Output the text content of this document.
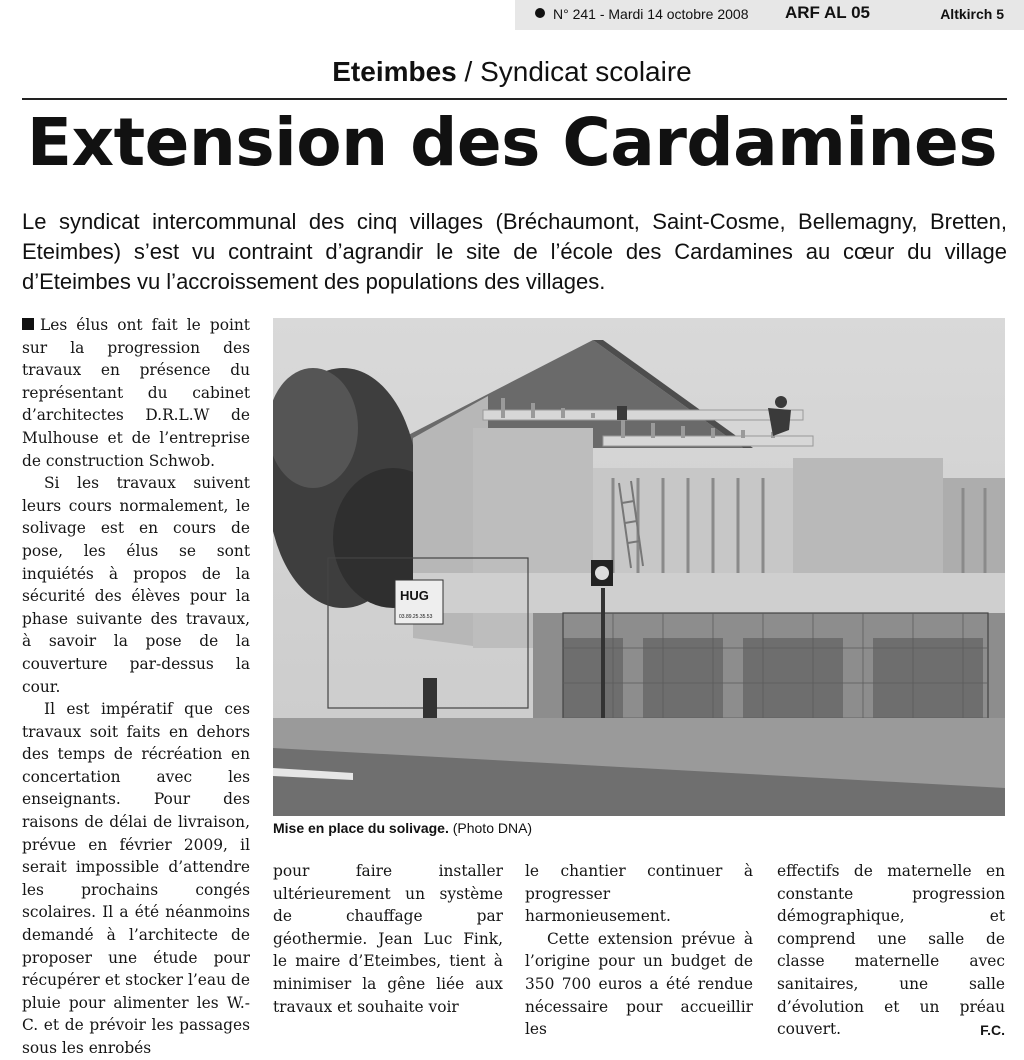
N° 241 - Mardi 14 octobre 2008 ARF AL 05	Altkirch 5
Eteimbes / Syndicat scolaire
Extension des Cardamines
Le syndicat intercommunal des cinq villages (Bréchaumont, Saint-Cosme, Bellemagny, Bretten, Eteimbes) s’est vu contraint d’agrandir le site de l’école des Cardamines au cœur du village d’Eteimbes vu l’accroissement des populations des villages.

Les élus ont fait le point sur la progression des travaux en présence du représentant du cabinet d’architectes D.R.L.W de Mulhouse et de l’entreprise de construction Schwob.

Si les travaux suivent leurs cours normalement, le solivage est en cours de pose, les élus se sont inquiétés à propos de la sécurité des élèves pour la phase suivante des travaux, à savoir la pose de la couverture par-dessus la cour.

Il est impératif que ces travaux soit faits en dehors des temps de récréation en concertation avec les enseignants. Pour des raisons de délai de livraison, prévue en février 2009, il serait impossible d’attendre les prochains congés scolaires. Il a été néanmoins demandé à l’architecte de proposer une étude pour récupérer et stocker l’eau de pluie pour alimenter les W.-C. et de prévoir les passages sous les enrobés

HUG
03.89.25.35.53
Mise en place du solivage. (Photo DNA)

pour faire installer ultérieurement un système de chauffage par géothermie. Jean Luc Fink, le maire d’Eteimbes, tient à minimiser la gêne liée aux travaux et souhaite voir

le chantier continuer à progresser harmonieusement.

Cette extension prévue à l’origine pour un budget de 350 700 euros a été rendue nécessaire pour accueillir les

effectifs de maternelle en constante progression démographique, et comprend une salle de classe maternelle avec sanitaires, une salle d’évolution et un préau couvert.	F.C.
